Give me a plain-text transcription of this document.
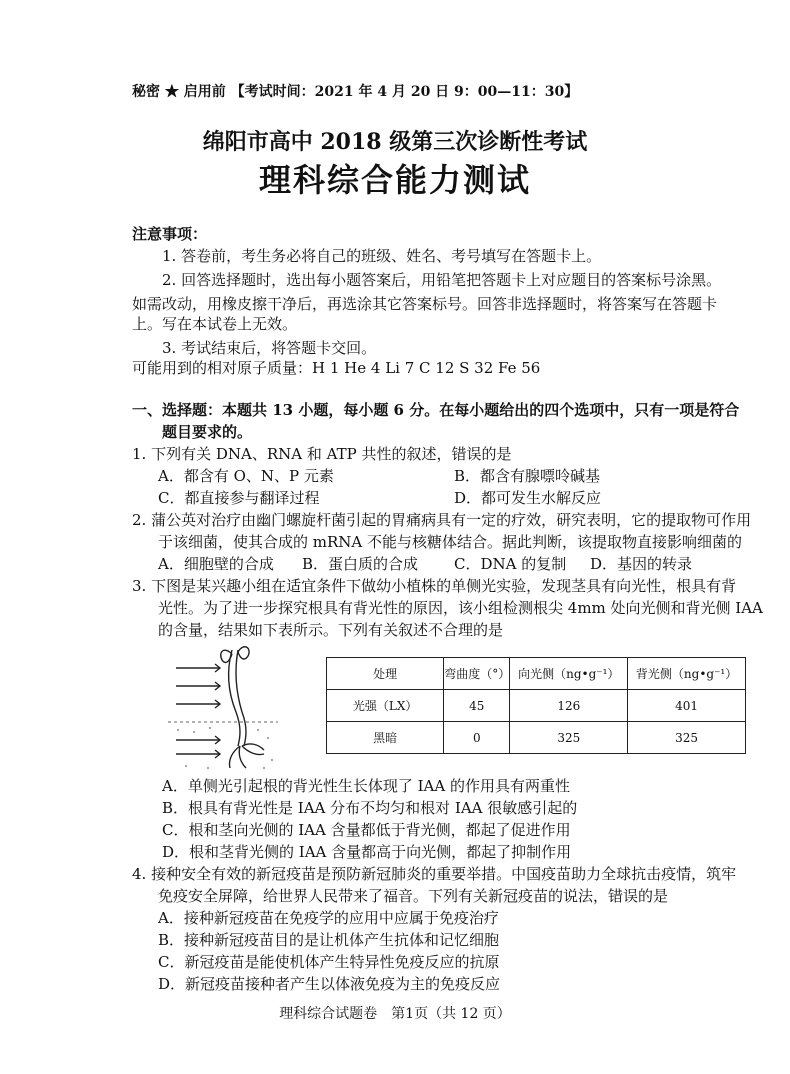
秘密 ★ 启用前 【考试时间：2021 年 4 月 20 日 9：00—11：30】
绵阳市高中 2018 级第三次诊断性考试
理科综合能力测试
注意事项：
1. 答卷前，考生务必将自己的班级、姓名、考号填写在答题卡上。
2. 回答选择题时，选出每小题答案后，用铅笔把答题卡上对应题目的答案标号涂黑。
如需改动，用橡皮擦干净后，再选涂其它答案标号。回答非选择题时，将答案写在答题卡
上。写在本试卷上无效。
3. 考试结束后，将答题卡交回。
可能用到的相对原子质量：H 1 He 4 Li 7 C 12 S 32 Fe 56
一、选择题：本题共 13 小题，每小题 6 分。在每小题给出的四个选项中，只有一项是符合
题目要求的。
1. 下列有关 DNA、RNA 和 ATP 共性的叙述，错误的是
A．都含有 O、N、P 元素	B．都含有腺嘌呤碱基
C．都直接参与翻译过程	D．都可发生水解反应
2. 蒲公英对治疗由幽门螺旋杆菌引起的胃痛病具有一定的疗效，研究表明，它的提取物可作用
于该细菌，使其合成的 mRNA 不能与核糖体结合。据此判断，该提取物直接影响细菌的
A．细胞壁的合成 B．蛋白质的合成 C．DNA 的复制 D．基因的转录
3. 下图是某兴趣小组在适宜条件下做幼小植株的单侧光实验，发现茎具有向光性，根具有背
光性。为了进一步探究根具有背光性的原因，该小组检测根尖 4mm 处向光侧和背光侧 IAA
的含量，结果如下表所示。下列有关叙述不合理的是
处理	弯曲度（°）	向光侧（ng•g⁻¹）	背光侧（ng•g⁻¹）
光强（LX）	45	126	401
黑暗	0	325	325
A．单侧光引起根的背光性生长体现了 IAA 的作用具有两重性
B．根具有背光性是 IAA 分布不均匀和根对 IAA 很敏感引起的
C．根和茎向光侧的 IAA 含量都低于背光侧，都起了促进作用
D．根和茎背光侧的 IAA 含量都高于向光侧，都起了抑制作用
4. 接种安全有效的新冠疫苗是预防新冠肺炎的重要举措。中国疫苗助力全球抗击疫情，筑牢
免疫安全屏障，给世界人民带来了福音。下列有关新冠疫苗的说法，错误的是
A．接种新冠疫苗在免疫学的应用中应属于免疫治疗
B．接种新冠疫苗目的是让机体产生抗体和记忆细胞
C．新冠疫苗是能使机体产生特异性免疫反应的抗原
D．新冠疫苗接种者产生以体液免疫为主的免疫反应
理科综合试题卷　第1页（共 12 页）
